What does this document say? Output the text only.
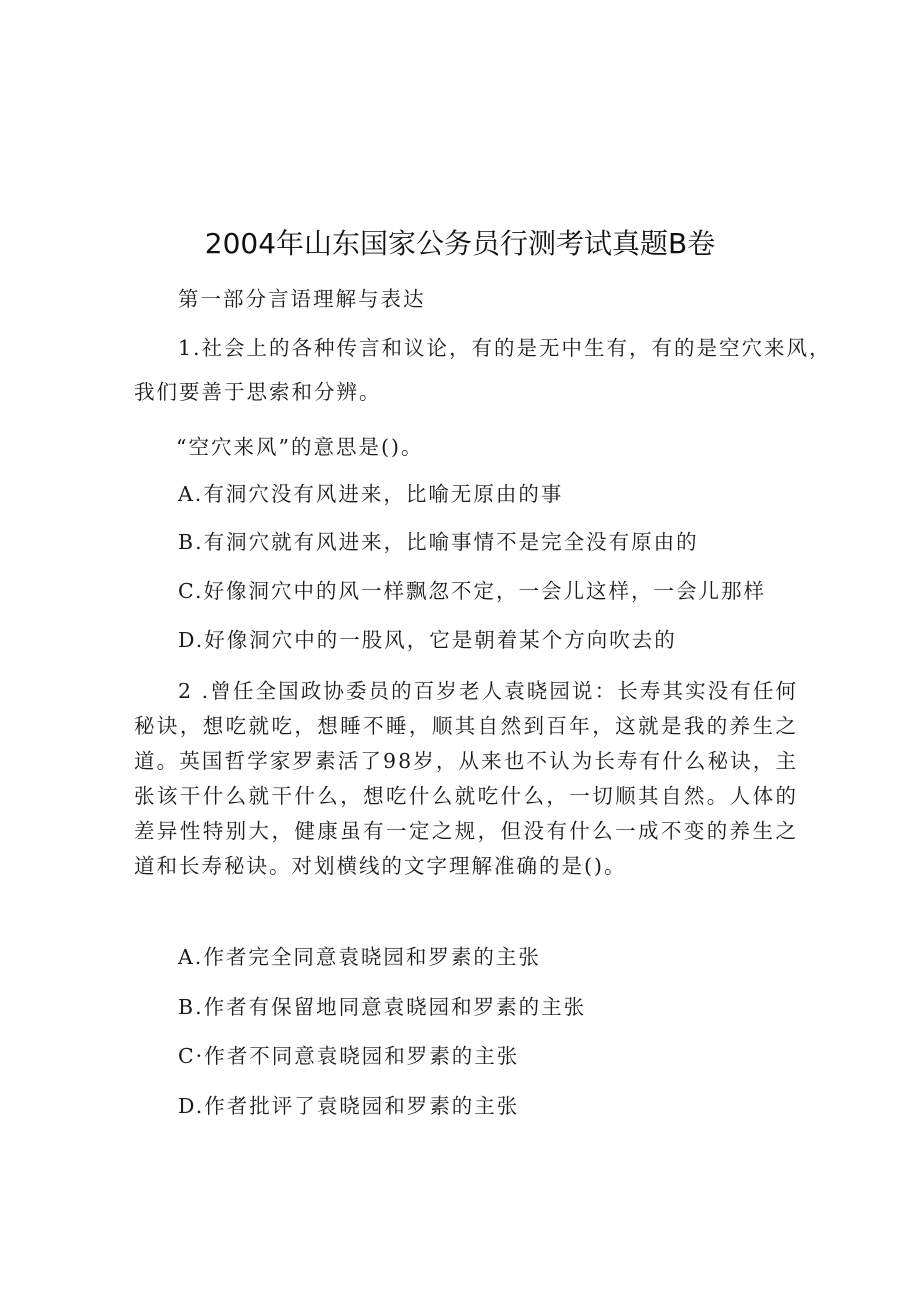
2004年山东国家公务员行测考试真题B卷
第一部分言语理解与表达
1.社会上的各种传言和议论，有的是无中生有，有的是空穴来风，
我们要善于思索和分辨。
“空穴来风”的意思是()。
A.有洞穴没有风进来，比喻无原由的事
B.有洞穴就有风进来，比喻事情不是完全没有原由的
C.好像洞穴中的风一样飘忽不定，一会儿这样，一会儿那样
D.好像洞穴中的一股风，它是朝着某个方向吹去的
2 .曾任全国政协委员的百岁老人袁晓园说：长寿其实没有任何秘诀，想吃就吃，想睡不睡，顺其自然到百年，这就是我的养生之道。英国哲学家罗素活了98岁，从来也不认为长寿有什么秘诀，主张该干什么就干什么，想吃什么就吃什么，一切顺其自然。人体的差异性特别大，健康虽有一定之规，但没有什么一成不变的养生之道和长寿秘诀。对划横线的文字理解准确的是()。
A.作者完全同意袁晓园和罗素的主张
B.作者有保留地同意袁晓园和罗素的主张
C·作者不同意袁晓园和罗素的主张
D.作者批评了袁晓园和罗素的主张
